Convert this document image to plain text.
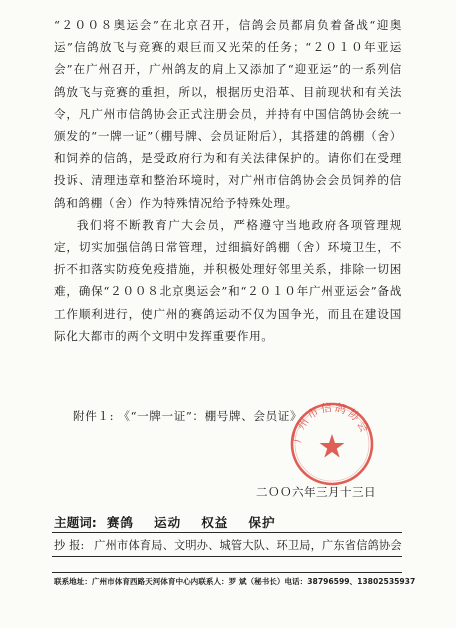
“２００８奥运会”在北京召开，信鸽会员都肩负着备战“迎奥运”信鸽放飞与竞赛的艰巨而又光荣的任务；“２０１０年亚运会”在广州召开，广州鸽友的肩上又添加了“迎亚运”的一系列信鸽放飞与竞赛的重担，所以，根据历史沿革、目前现状和有关法令，凡广州市信鸽协会正式注册会员，并持有中国信鸽协会统一颁发的“一牌一证”（棚号牌、会员证附后），其搭建的鸽棚（舍）和饲养的信鸽，是受政府行为和有关法律保护的。请你们在受理投诉、清理违章和整治环境时，对广州市信鸽协会会员饲养的信鸽和鸽棚（舍）作为特殊情况给予特殊处理。

我们将不断教育广大会员，严格遵守当地政府各项管理规定，切实加强信鸽日常管理，过细搞好鸽棚（舍）环境卫生，不折不扣落实防疫免疫措施，并积极处理好邻里关系，排除一切困难，确保“２００８北京奥运会”和“２０１０年广州亚运会”备战工作顺利进行，使广州的赛鸽运动不仅为国争光，而且在建设国际化大都市的两个文明中发挥重要作用。

附件１: 《“一牌一证”：棚号牌、会员证》
广州市信鸽协会
二ＯＯ六年三月十三日
主题词: 赛鸽 运动 权益 保护
抄 报: 广州市体育局、文明办、城管大队、环卫局，广东省信鸽协会
联系地址：广州市体育西路天河体育中心内 联系人：罗 斌（秘书长） 电话：38796599、13802535937
